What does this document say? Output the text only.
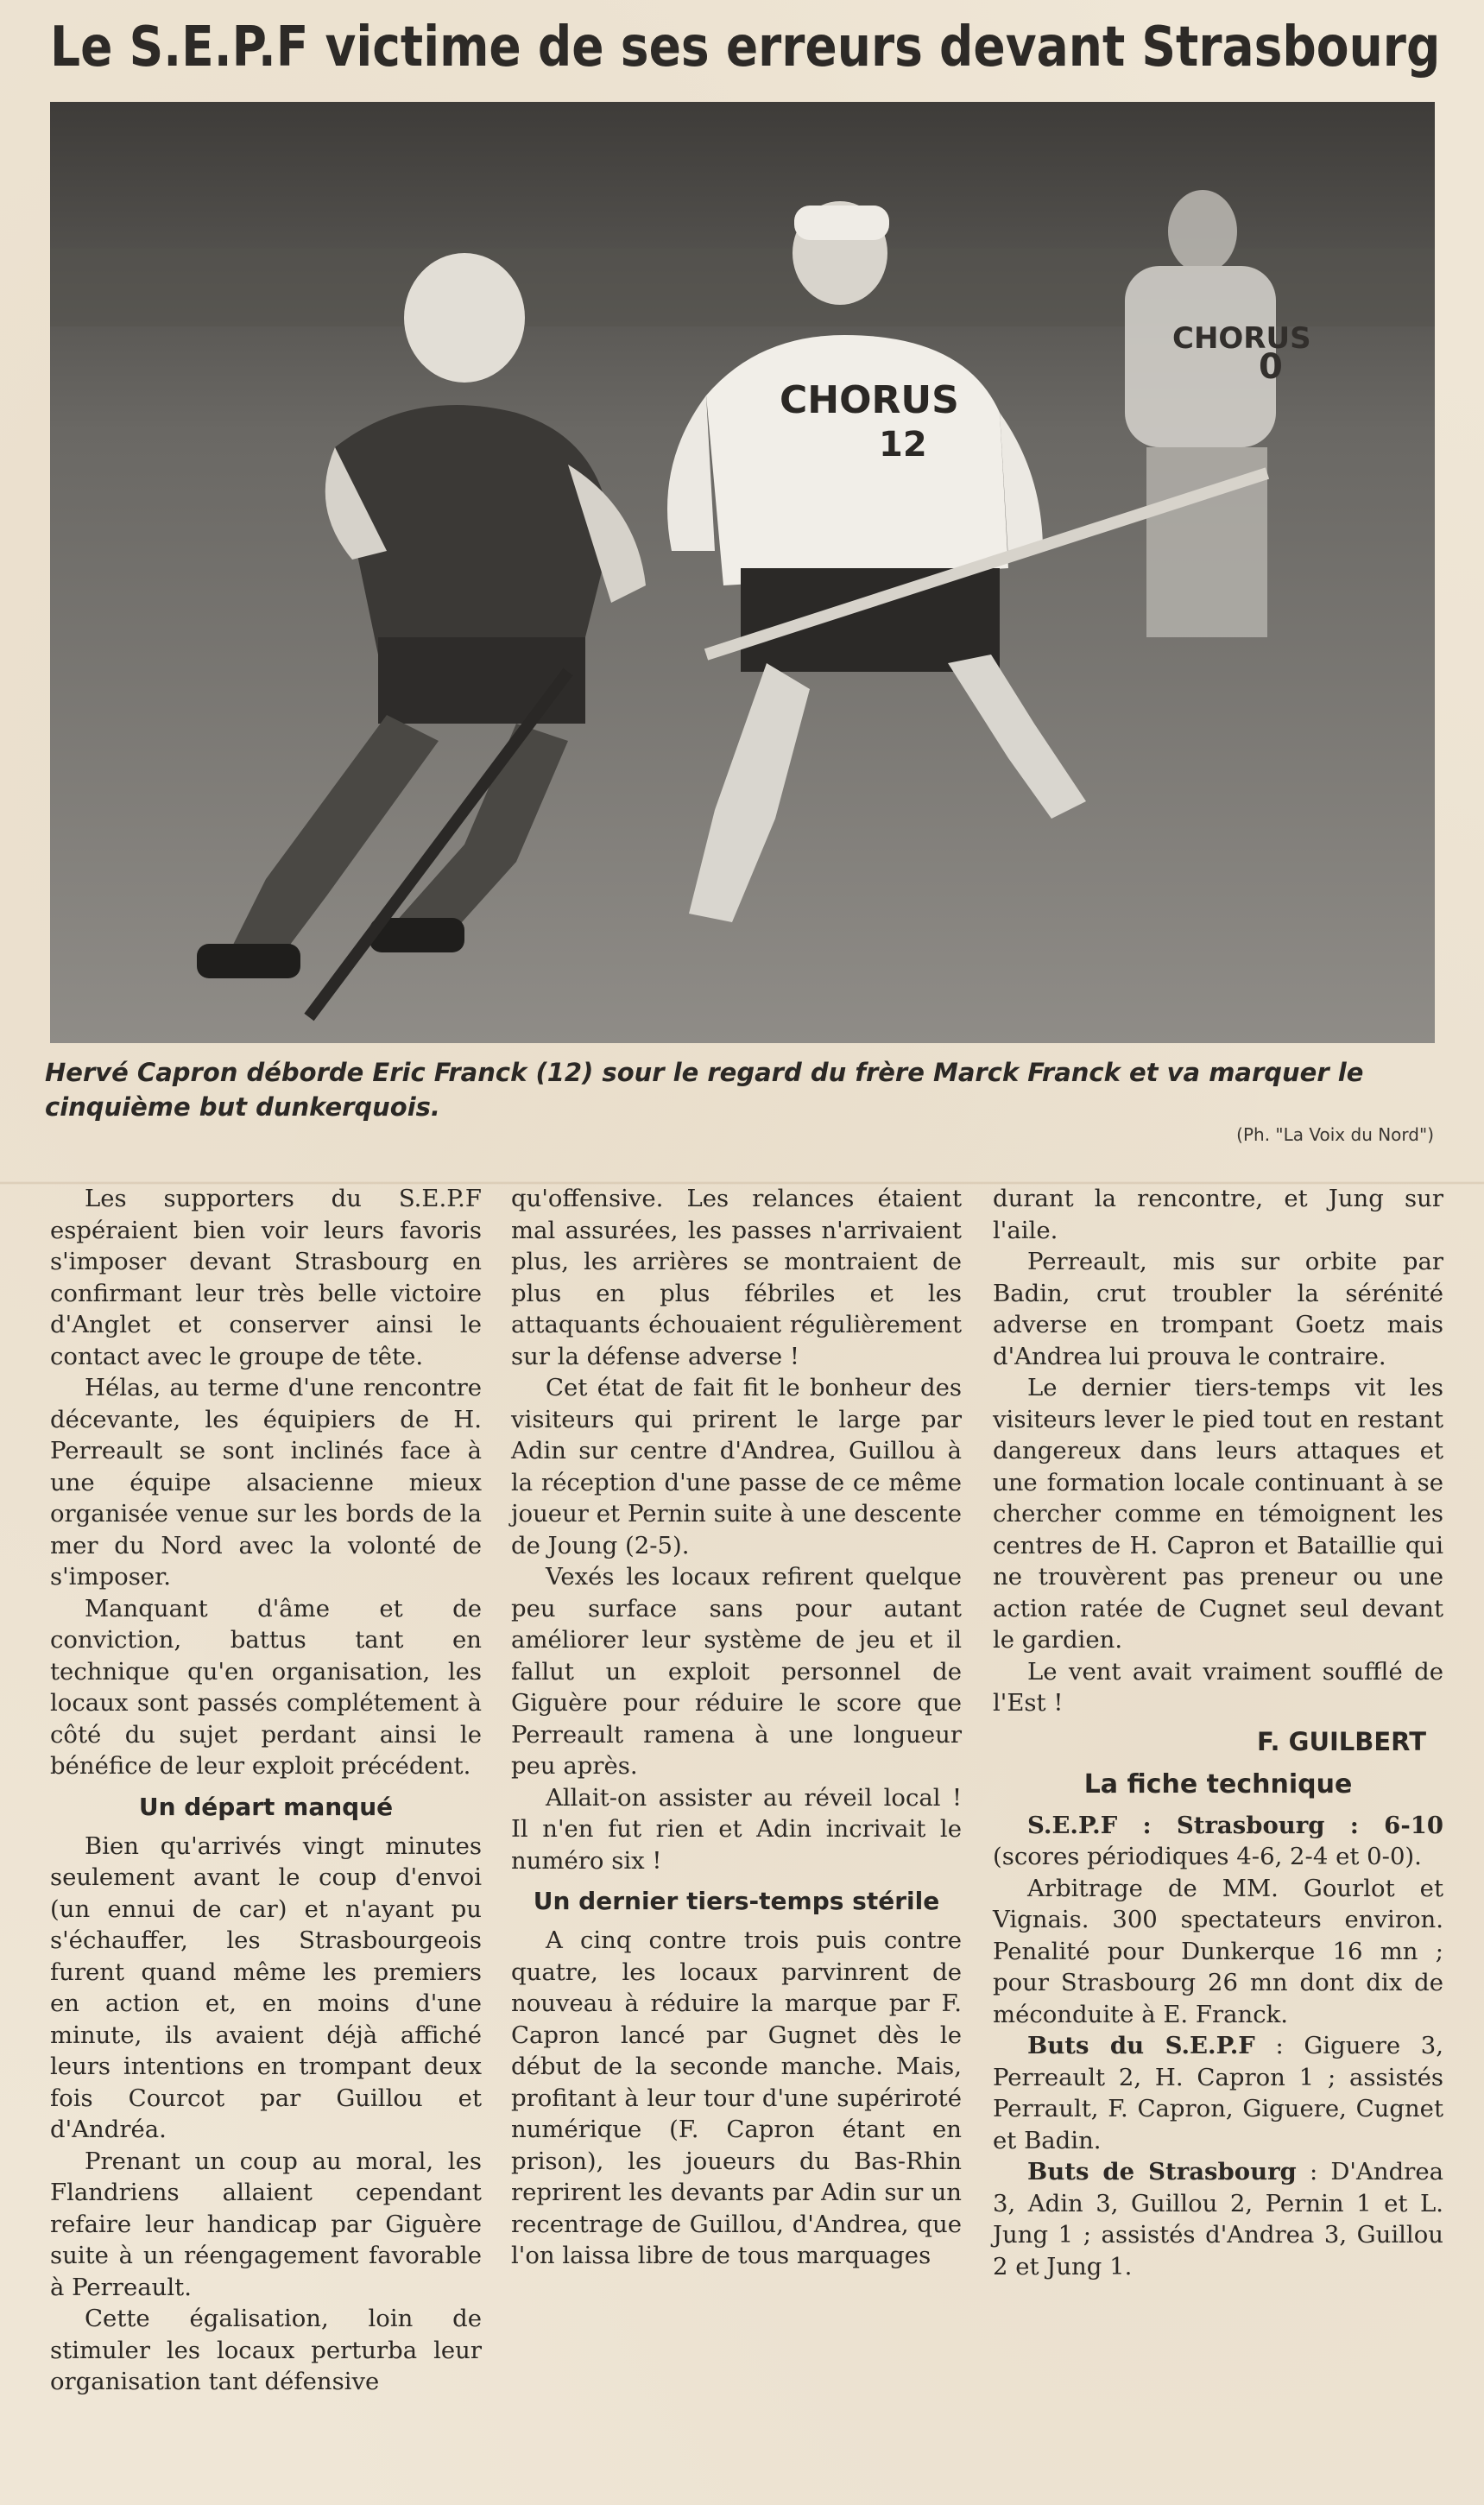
Le S.E.P.F victime de ses erreurs devant Strasbourg
CHORUS
0
CHORUS
12
Hervé Capron déborde Eric Franck (12) sour le regard du frère Marck Franck et va marquer le cinquième but dunkerquois.
(Ph. "La Voix du Nord")

Les supporters du S.E.P.F espéraient bien voir leurs favoris s'imposer devant Strasbourg en confirmant leur très belle victoire d'Anglet et conserver ainsi le contact avec le groupe de tête.

Hélas, au terme d'une rencontre décevante, les équipiers de H. Perreault se sont inclinés face à une équipe alsacienne mieux organisée venue sur les bords de la mer du Nord avec la volonté de s'imposer.

Manquant d'âme et de conviction, battus tant en technique qu'en organisation, les locaux sont passés complétement à côté du sujet perdant ainsi le bénéfice de leur exploit précédent.

Un départ manqué

Bien qu'arrivés vingt minutes seulement avant le coup d'envoi (un ennui de car) et n'ayant pu s'échauffer, les Strasbourgeois furent quand même les premiers en action et, en moins d'une minute, ils avaient déjà affiché leurs intentions en trompant deux fois Courcot par Guillou et d'Andréa.

Prenant un coup au moral, les Flandriens allaient cependant refaire leur handicap par Giguère suite à un réengagement favorable à Perreault.

Cette égalisation, loin de stimuler les locaux perturba leur organisation tant défensive

qu'offensive. Les relances étaient mal assurées, les passes n'arrivaient plus, les arrières se montraient de plus en plus fébriles et les attaquants échouaient régulièrement sur la défense adverse !

Cet état de fait fit le bonheur des visiteurs qui prirent le large par Adin sur centre d'Andrea, Guillou à la réception d'une passe de ce même joueur et Pernin suite à une descente de Joung (2-5).

Vexés les locaux refirent quelque peu surface sans pour autant améliorer leur système de jeu et il fallut un exploit personnel de Giguère pour réduire le score que Perreault ramena à une longueur peu après.

Allait-on assister au réveil local ! Il n'en fut rien et Adin incrivait le numéro six !

Un dernier tiers-temps stérile

A cinq contre trois puis contre quatre, les locaux parvinrent de nouveau à réduire la marque par F. Capron lancé par Gugnet dès le début de la seconde manche. Mais, profitant à leur tour d'une supériroté numérique (F. Capron étant en prison), les joueurs du Bas-Rhin reprirent les devants par Adin sur un recentrage de Guillou, d'Andrea, que l'on laissa libre de tous marquages

durant la rencontre, et Jung sur l'aile.

Perreault, mis sur orbite par Badin, crut troubler la sérénité adverse en trompant Goetz mais d'Andrea lui prouva le contraire.

Le dernier tiers-temps vit les visiteurs lever le pied tout en restant dangereux dans leurs attaques et une formation locale continuant à se chercher comme en témoignent les centres de H. Capron et Bataillie qui ne trouvèrent pas preneur ou une action ratée de Cugnet seul devant le gardien.

Le vent avait vraiment soufflé de l'Est !

F. GUILBERT
La fiche technique

S.E.P.F : Strasbourg : 6-10 (scores périodiques 4-6, 2-4 et 0-0).

Arbitrage de MM. Gourlot et Vignais. 300 spectateurs environ. Penalité pour Dunkerque 16 mn ; pour Strasbourg 26 mn dont dix de méconduite à E. Franck.

Buts du S.E.P.F : Giguere 3, Perreault 2, H. Capron 1 ; assistés Perrault, F. Capron, Giguere, Cugnet et Badin.

Buts de Strasbourg : D'Andrea 3, Adin 3, Guillou 2, Pernin 1 et L. Jung 1 ; assistés d'Andrea 3, Guillou 2 et Jung 1.
